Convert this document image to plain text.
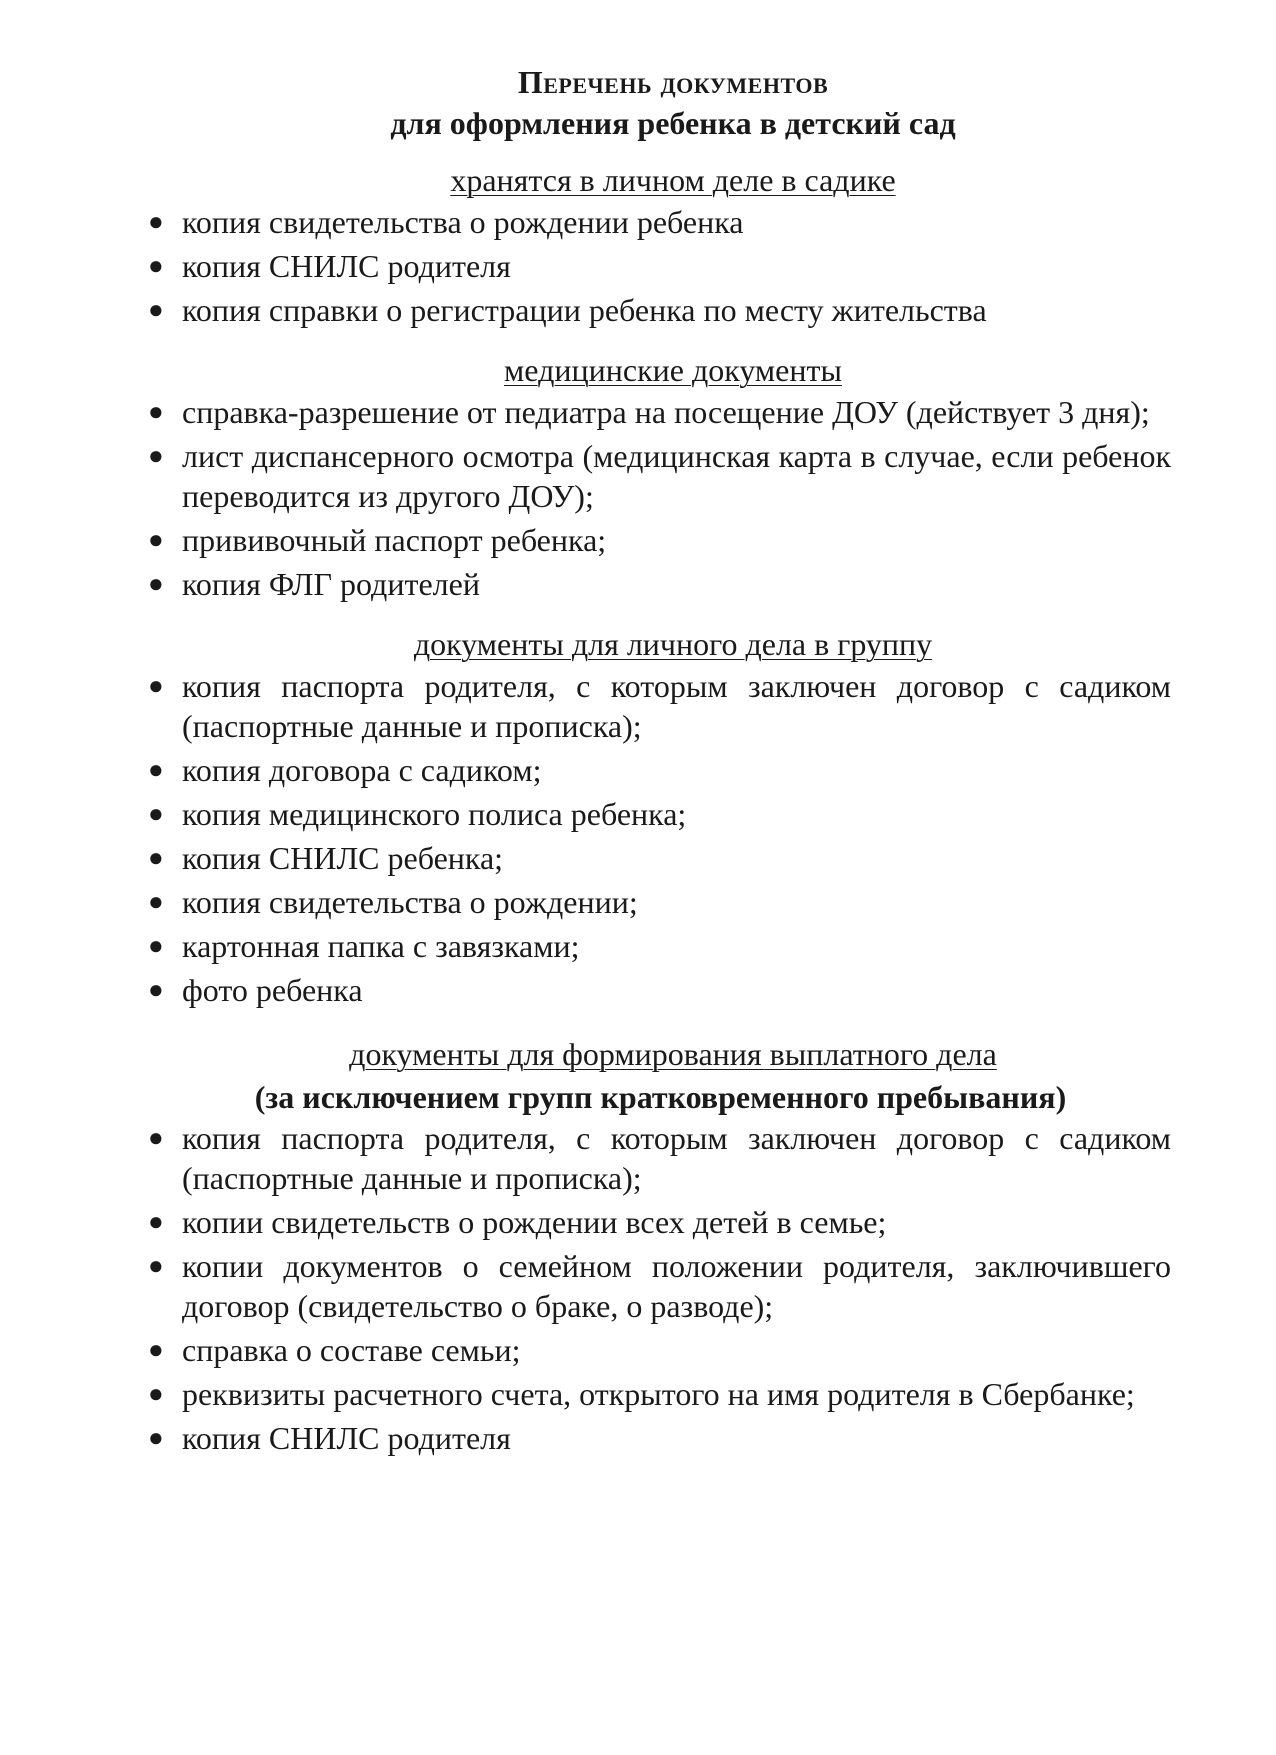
Перечень документов
для оформления ребенка в детский сад
хранятся в личном деле в садике
● копия свидетельства о рождении ребенка
● копия СНИЛС родителя
● копия справки о регистрации ребенка по месту жительства
медицинские документы
● справка-разрешение от педиатра на посещение ДОУ (действует 3 дня);
● лист диспансерного осмотра (медицинская карта в случае, если ребенок переводится из другого ДОУ);
● прививочный паспорт ребенка;
● копия ФЛГ родителей
документы для личного дела в группу
● копия паспорта родителя, с которым заключен договор с садиком (паспортные данные и прописка);
● копия договора с садиком;
● копия медицинского полиса ребенка;
● копия СНИЛС ребенка;
● копия свидетельства о рождении;
● картонная папка с завязками;
● фото ребенка
документы для формирования выплатного дела
(за исключением групп кратковременного пребывания)
● копия паспорта родителя, с которым заключен договор с садиком (паспортные данные и прописка);
● копии свидетельств о рождении всех детей в семье;
● копии документов о семейном положении родителя, заключившего договор (свидетельство о браке, о разводе);
● справка о составе семьи;
● реквизиты расчетного счета, открытого на имя родителя в Сбербанке;
● копия СНИЛС родителя
